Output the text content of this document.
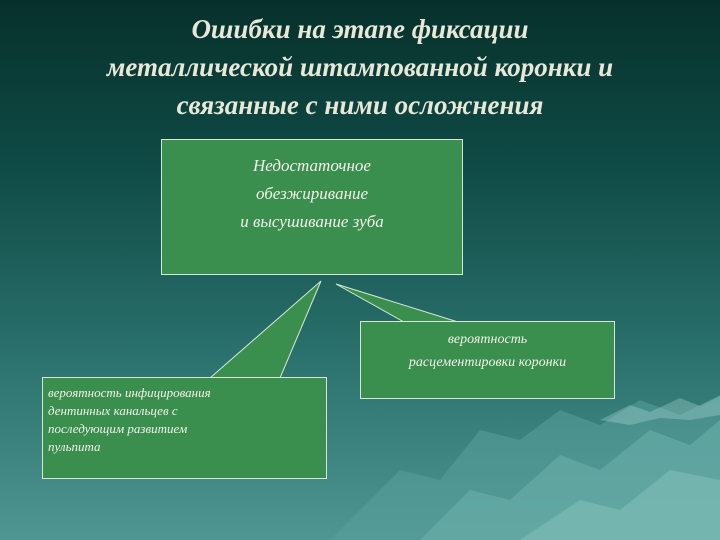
Ошибки на этапе фиксации
металлической штампованной коронки и
связанные с ними осложнения
Недостаточное
обезжиривание
и высушивание зуба
вероятность
расцементировки коронки
вероятность инфицирования
дентинных канальцев с
последующим развитием
пульпита
